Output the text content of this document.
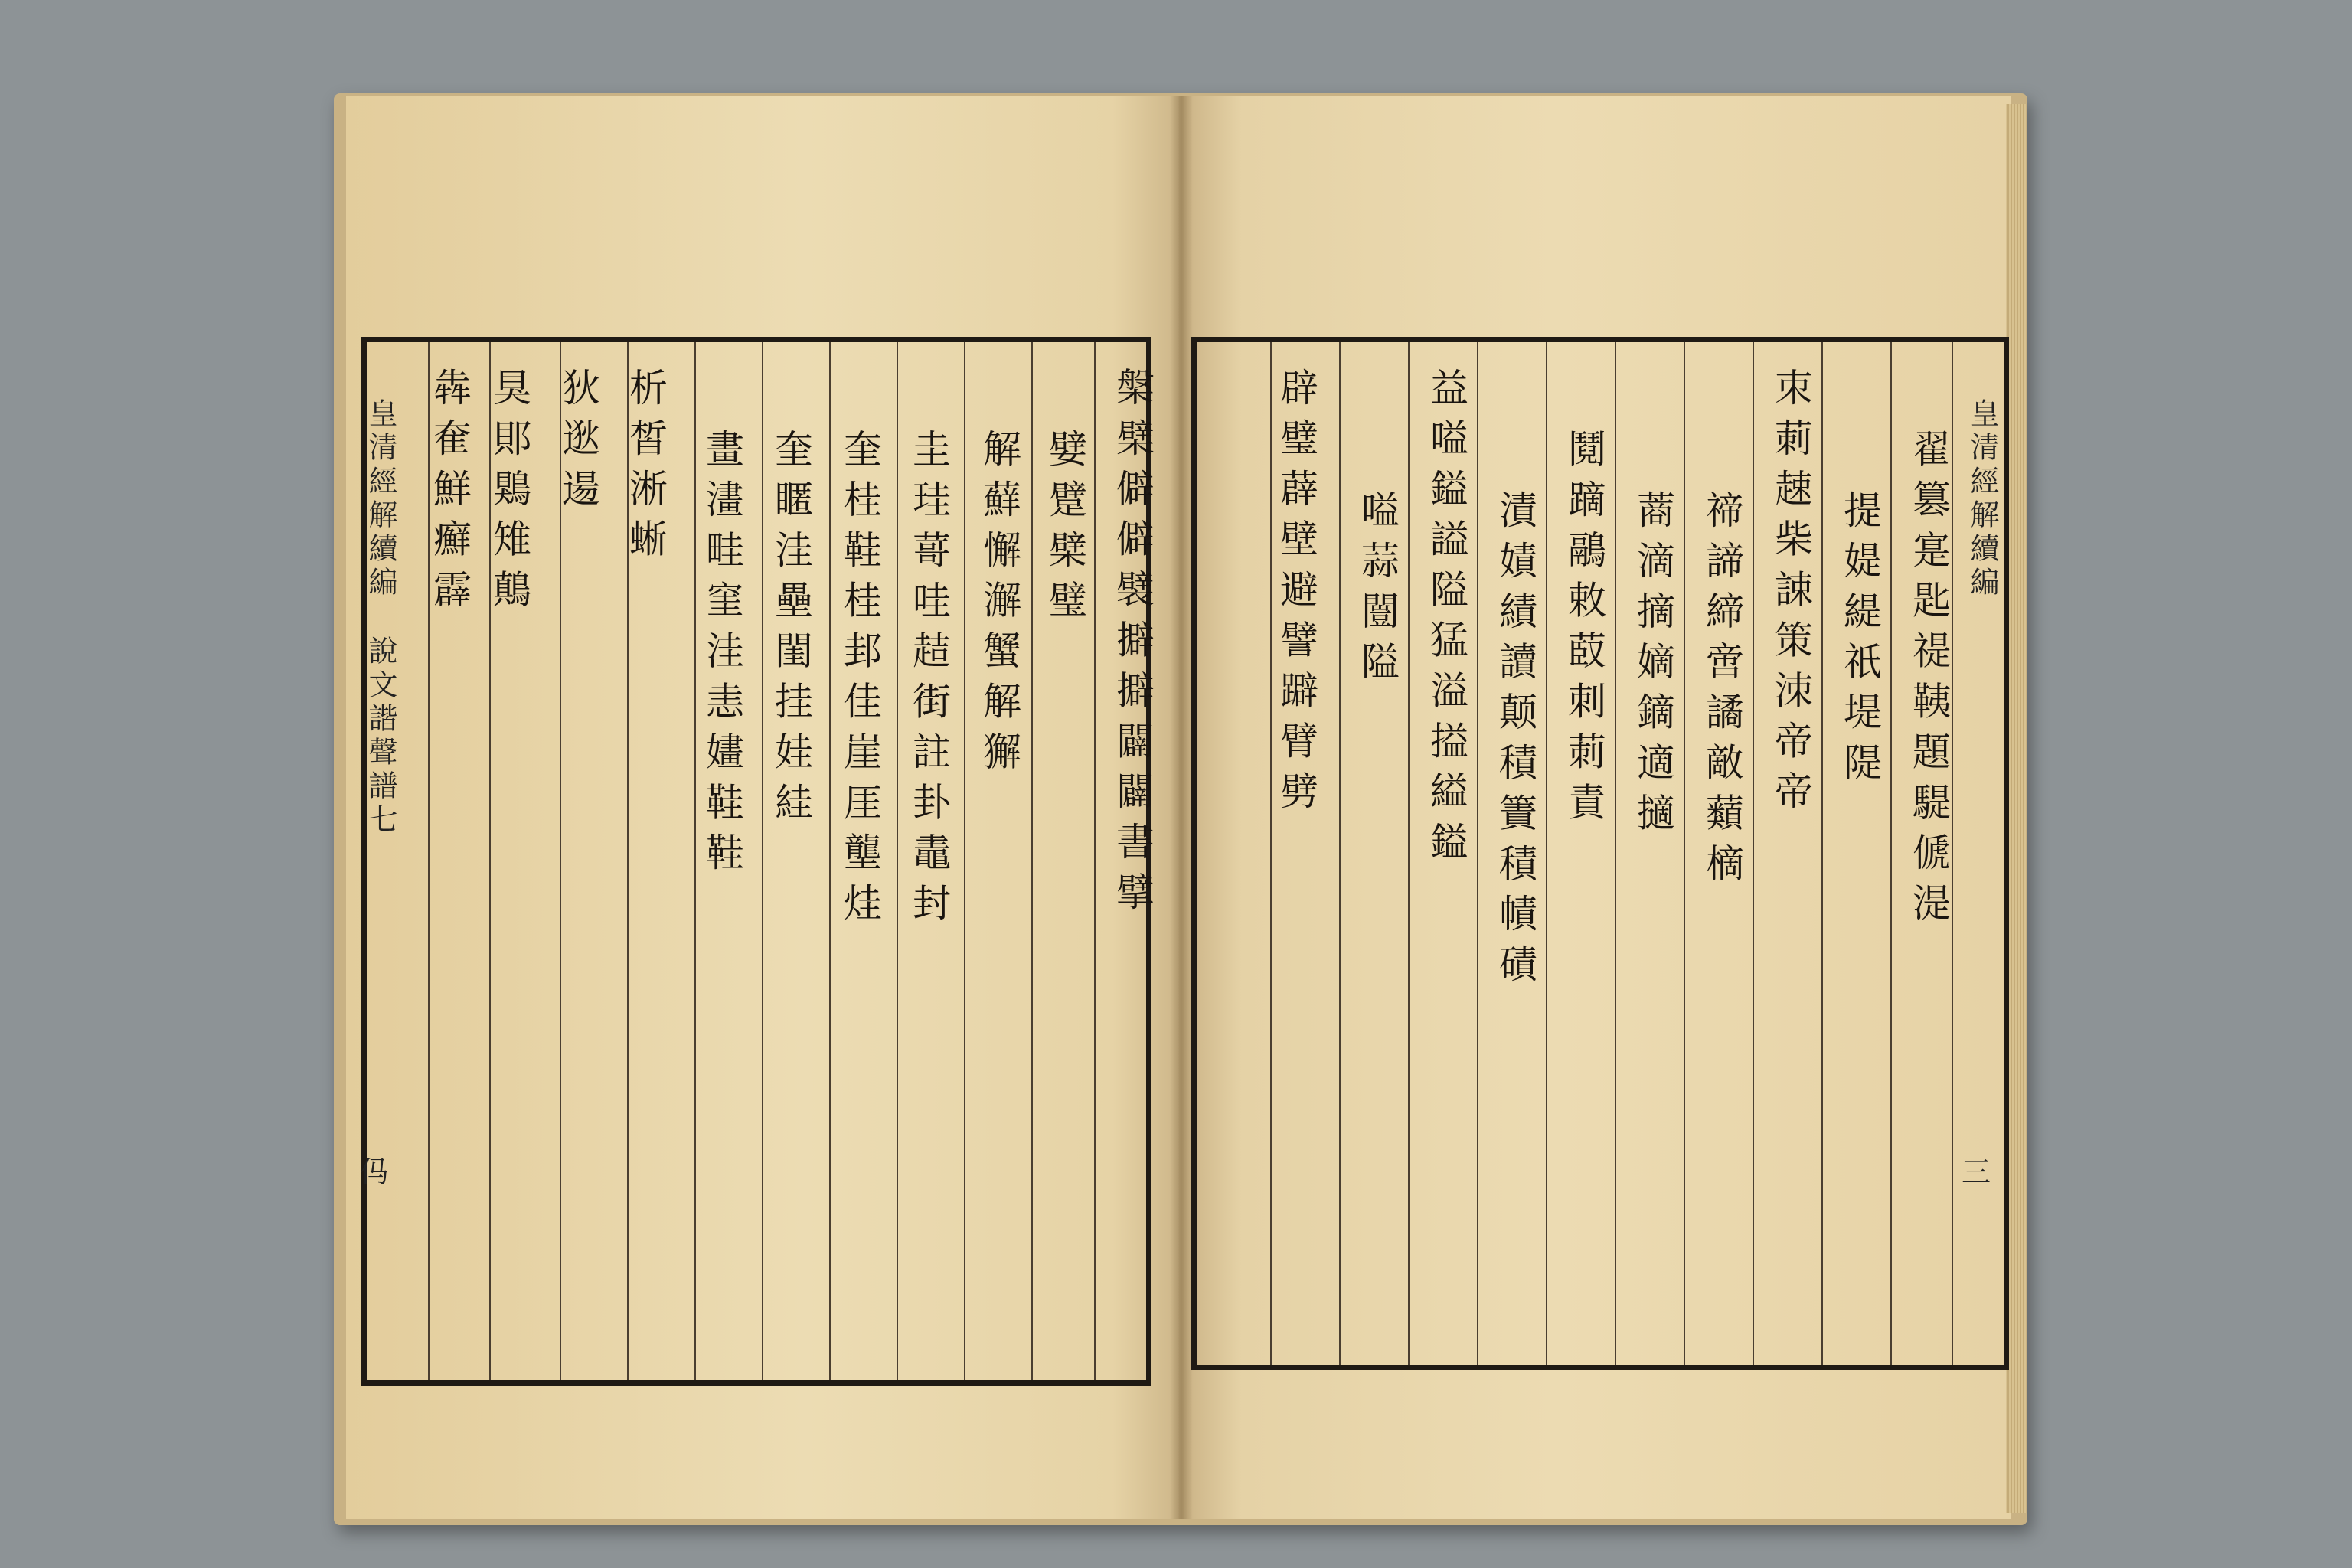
皇清經解續編
說文諧聲譜七
㐷
槃 檗 僻 僻 襞 擗 擗 闢 闢 書 擘
嬖 躄 檗 璧
解 蘚 懈 澥 蟹 解 獬
圭 珪 䔅 哇 趌 街 註 卦 鼃 封
奎 桂 鞋 桂 邽 佳 崖 厓 壟 烓
奎 䁥 洼 壘 閨 挂 娃 絓
畫 澅 畦 窐 洼 恚 嫿 鞋 鞋
析 皙 淅 蜥
狄 逖 逿
狊 郥 鶪 雉 鷏
犇 奞 鮮 癬 霹	皇清經解續編
三
翟 篡 寔 匙 禔 䩟 題 騠 傂 湜
提 媞 緹 祇 堤 隄
朿 莿 趚 柴 誎 策 洓 帝 帝
禘 諦 締 啻 譎 敵 蘱 樀
蔏 滴 摘 嫡 鏑 適 擿
鬩 蹢 鷊 敕 菣 刺 莿 責
漬 嫧 績 讀 颠 積 簀 積 幘 磧
益 嗌 鎰 謚 隘 猛 溢 搤 縊 鎰
嗌 蒜 闓 隘
辟 璧 薜 壁 避 譬 躃 臂 劈
